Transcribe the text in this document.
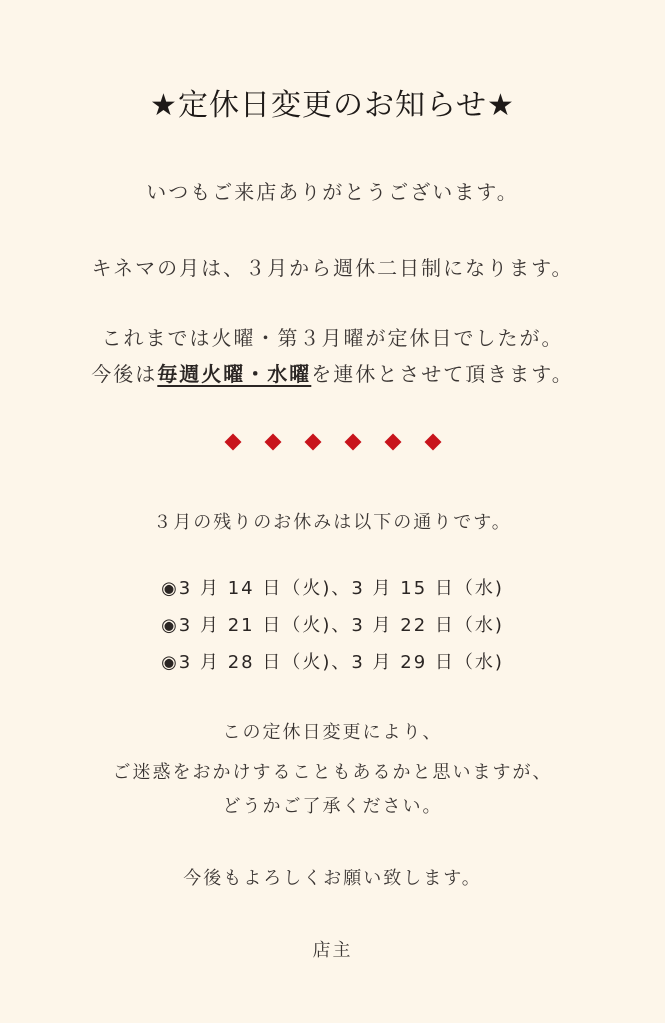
★定休日変更のお知らせ★
いつもご来店ありがとうございます。
キネマの月は、３月から週休二日制になります。
これまでは火曜・第３月曜が定休日でしたが。
今後は毎週火曜・水曜を連休とさせて頂きます。
３月の残りのお休みは以下の通りです。
◉3 月 14 日（火)、3 月 15 日（水)
◉3 月 21 日（火)、3 月 22 日（水)
◉3 月 28 日（火)、3 月 29 日（水)
この定休日変更により、
ご迷惑をおかけすることもあるかと思いますが、
どうかご了承ください。
今後もよろしくお願い致します。
店主
